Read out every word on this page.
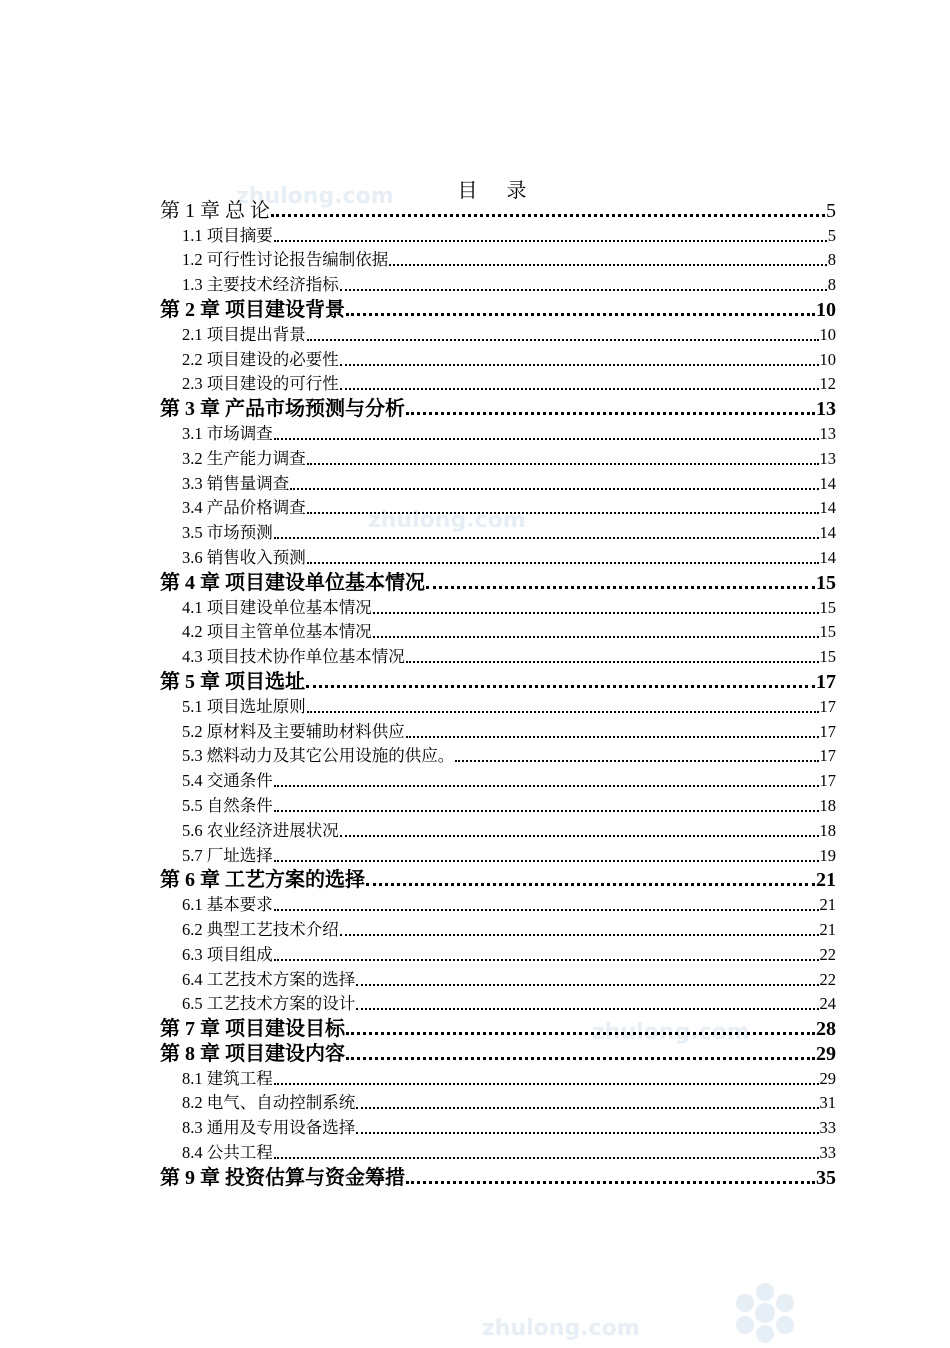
zhulong.com
zhulong.com
zhulong.com
zhulong.com
目 录
第 1 章 总 论	5
1.1 项目摘要	5
1.2 可行性讨论报告编制依据	8
1.3 主要技术经济指标	8
第 2 章 项目建设背景	10
2.1 项目提出背景	10
2.2 项目建设的必要性	10
2.3 项目建设的可行性	12
第 3 章 产品市场预测与分析	13
3.1 市场调查	13
3.2 生产能力调查	13
3.3 销售量调查	14
3.4 产品价格调查	14
3.5 市场预测	14
3.6 销售收入预测	14
第 4 章 项目建设单位基本情况	15
4.1 项目建设单位基本情况	15
4.2 项目主管单位基本情况	15
4.3 项目技术协作单位基本情况	15
第 5 章 项目选址	17
5.1 项目选址原则	17
5.2 原材料及主要辅助材料供应	17
5.3 燃料动力及其它公用设施的供应。	17
5.4 交通条件	17
5.5 自然条件	18
5.6 农业经济进展状况	18
5.7 厂址选择	19
第 6 章 工艺方案的选择	21
6.1 基本要求	21
6.2 典型工艺技术介绍	21
6.3 项目组成	22
6.4 工艺技术方案的选择	22
6.5 工艺技术方案的设计	24
第 7 章 项目建设目标	28
第 8 章 项目建设内容	29
8.1 建筑工程	29
8.2 电气、自动控制系统	31
8.3 通用及专用设备选择	33
8.4 公共工程	33
第 9 章 投资估算与资金筹措	35
